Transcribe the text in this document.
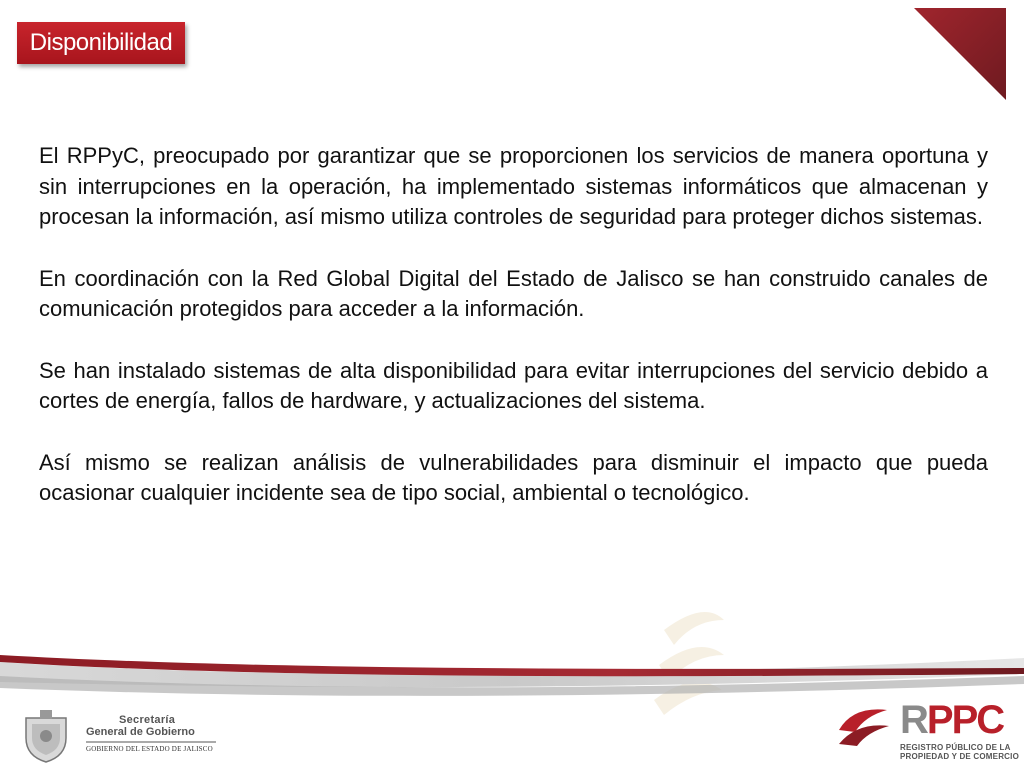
Disponibilidad

El RPPyC, preocupado por garantizar que se proporcionen los servicios de manera oportuna y sin interrupciones en la operación, ha implementado sistemas informáticos que almacenan y procesan la información, así mismo utiliza controles de seguridad para proteger dichos sistemas.

En coordinación con la Red Global Digital del Estado de Jalisco se han construido canales de comunicación protegidos para acceder a la información.

Se han instalado sistemas de alta disponibilidad para evitar interrupciones del servicio debido a cortes de energía, fallos de hardware, y actualizaciones del sistema.

Así mismo se realizan análisis de vulnerabilidades para disminuir el impacto que pueda ocasionar cualquier incidente sea de tipo social, ambiental o tecnológico.

Secretaría
General de Gobierno
GOBIERNO DEL ESTADO DE JALISCO
RPPC
REGISTRO PÚBLICO DE LA
PROPIEDAD Y DE COMERCIO
